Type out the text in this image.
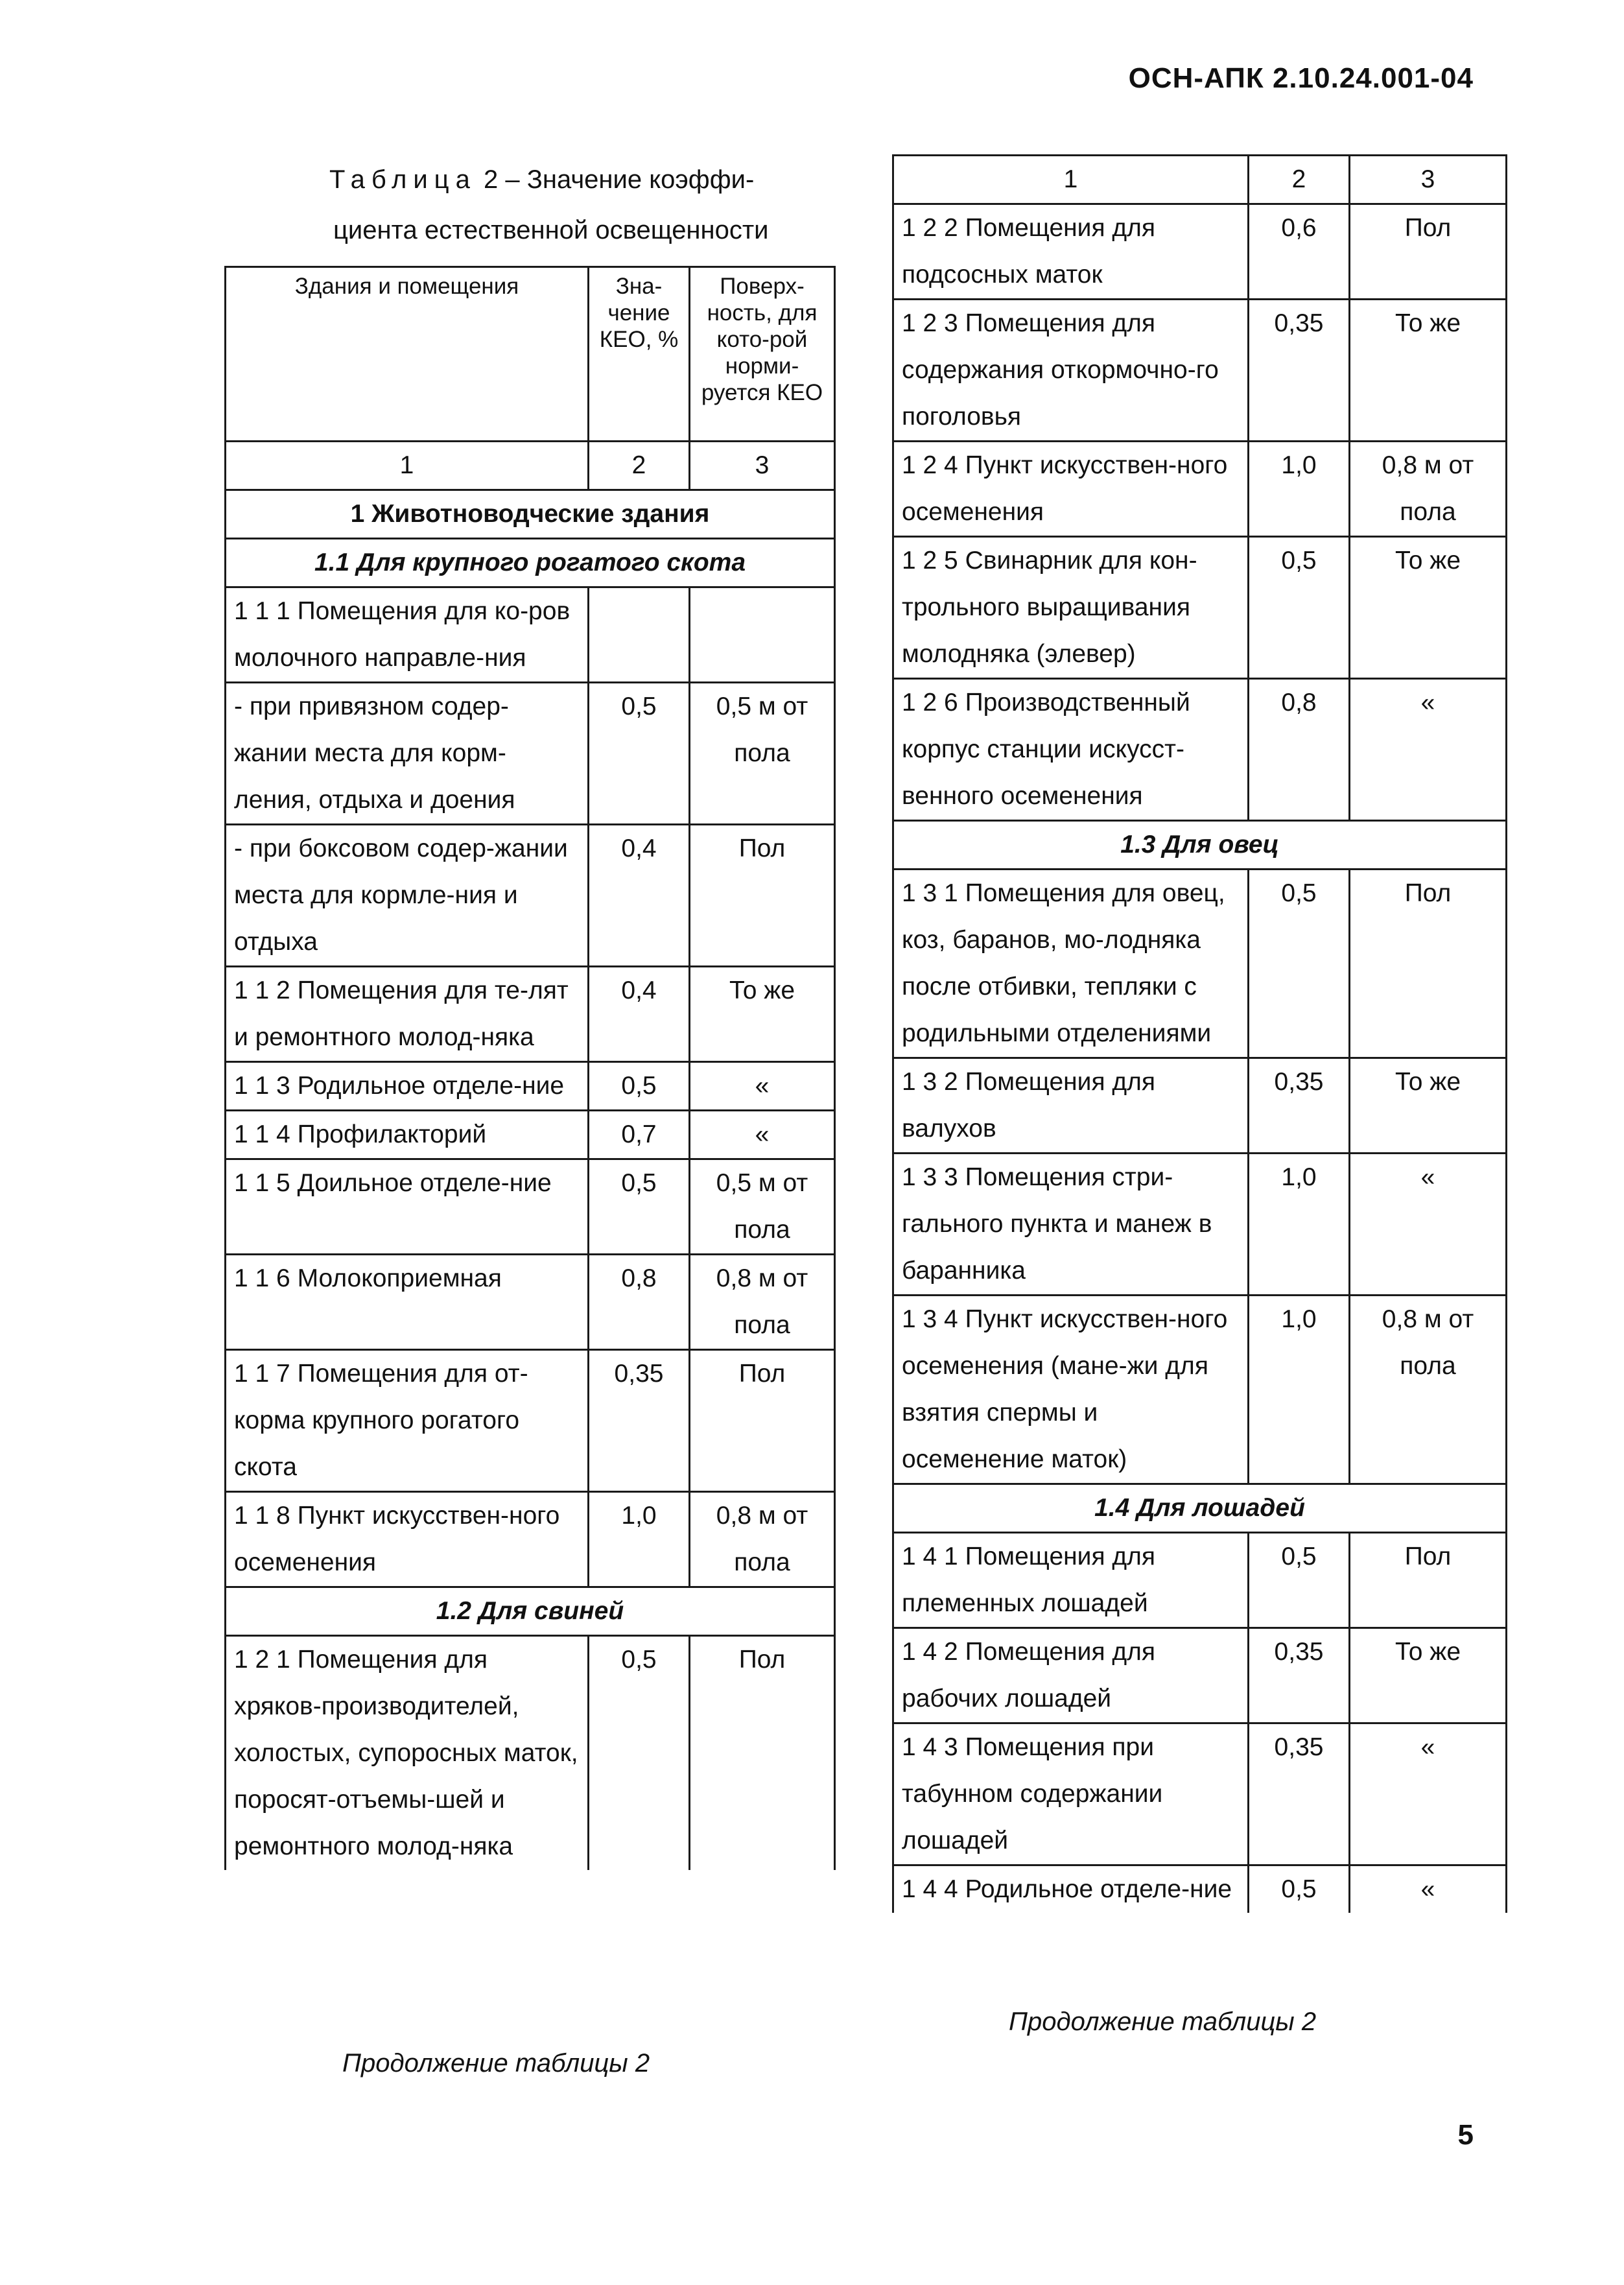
ОСН-АПК 2.10.24.001-04
Таблица 2 – Значение коэффи-
циента естественной освещенности
Здания и помещения	Зна-чение КЕО, %	Поверх-ность, для кото-рой норми-руется КЕО
1	2	3
1 Животноводческие здания		
1.1 Для крупного рогатого скота		
1 1 1 Помещения для ко-ров молочного направле-ния		
- при привязном содер-жании места для корм-ления, отдыха и доения	0,5	0,5 м от пола
- при боксовом содер-жании места для кормле-ния и отдыха	0,4	Пол
1 1 2 Помещения для те-лят и ремонтного молод-няка	0,4	То же
1 1 3 Родильное отделе-ние	0,5	«
1 1 4 Профилакторий	0,7	«
1 1 5 Доильное отделе-ние	0,5	0,5 м от пола
1 1 6 Молокоприемная	0,8	0,8 м от пола
1 1 7 Помещения для от-корма крупного рогатого скота	0,35	Пол
1 1 8 Пункт искусствен-ного осеменения	1,0	0,8 м от пола
1.2 Для свиней		
1 2 1 Помещения для хряков-производителей, холостых, супоросных маток, поросят-отъемы-шей и ремонтного молод-няка	0,5	Пол
1	2	3
1 2 2 Помещения для подсосных маток	0,6	Пол
1 2 3 Помещения для содержания откормочно-го поголовья	0,35	То же
1 2 4 Пункт искусствен-ного осеменения	1,0	0,8 м от пола
1 2 5 Свинарник для кон-трольного выращивания молодняка (элевер)	0,5	То же
1 2 6 Производственный корпус станции искусст-венного осеменения	0,8	«
1.3 Для овец		
1 3 1 Помещения для овец, коз, баранов, мо-лодняка после отбивки, тепляки с родильными отделениями	0,5	Пол
1 3 2 Помещения для валухов	0,35	То же
1 3 3 Помещения стри-гального пункта и манеж в баранника	1,0	«
1 3 4 Пункт искусствен-ного осеменения (мане-жи для взятия спермы и осеменение маток)	1,0	0,8 м от пола
1.4 Для лошадей		
1 4 1 Помещения для племенных лошадей	0,5	Пол
1 4 2 Помещения для рабочих лошадей	0,35	То же
1 4 3 Помещения при табунном содержании лошадей	0,35	«
1 4 4 Родильное отделе-ние	0,5	«
Продолжение таблицы 2
Продолжение таблицы 2
5
